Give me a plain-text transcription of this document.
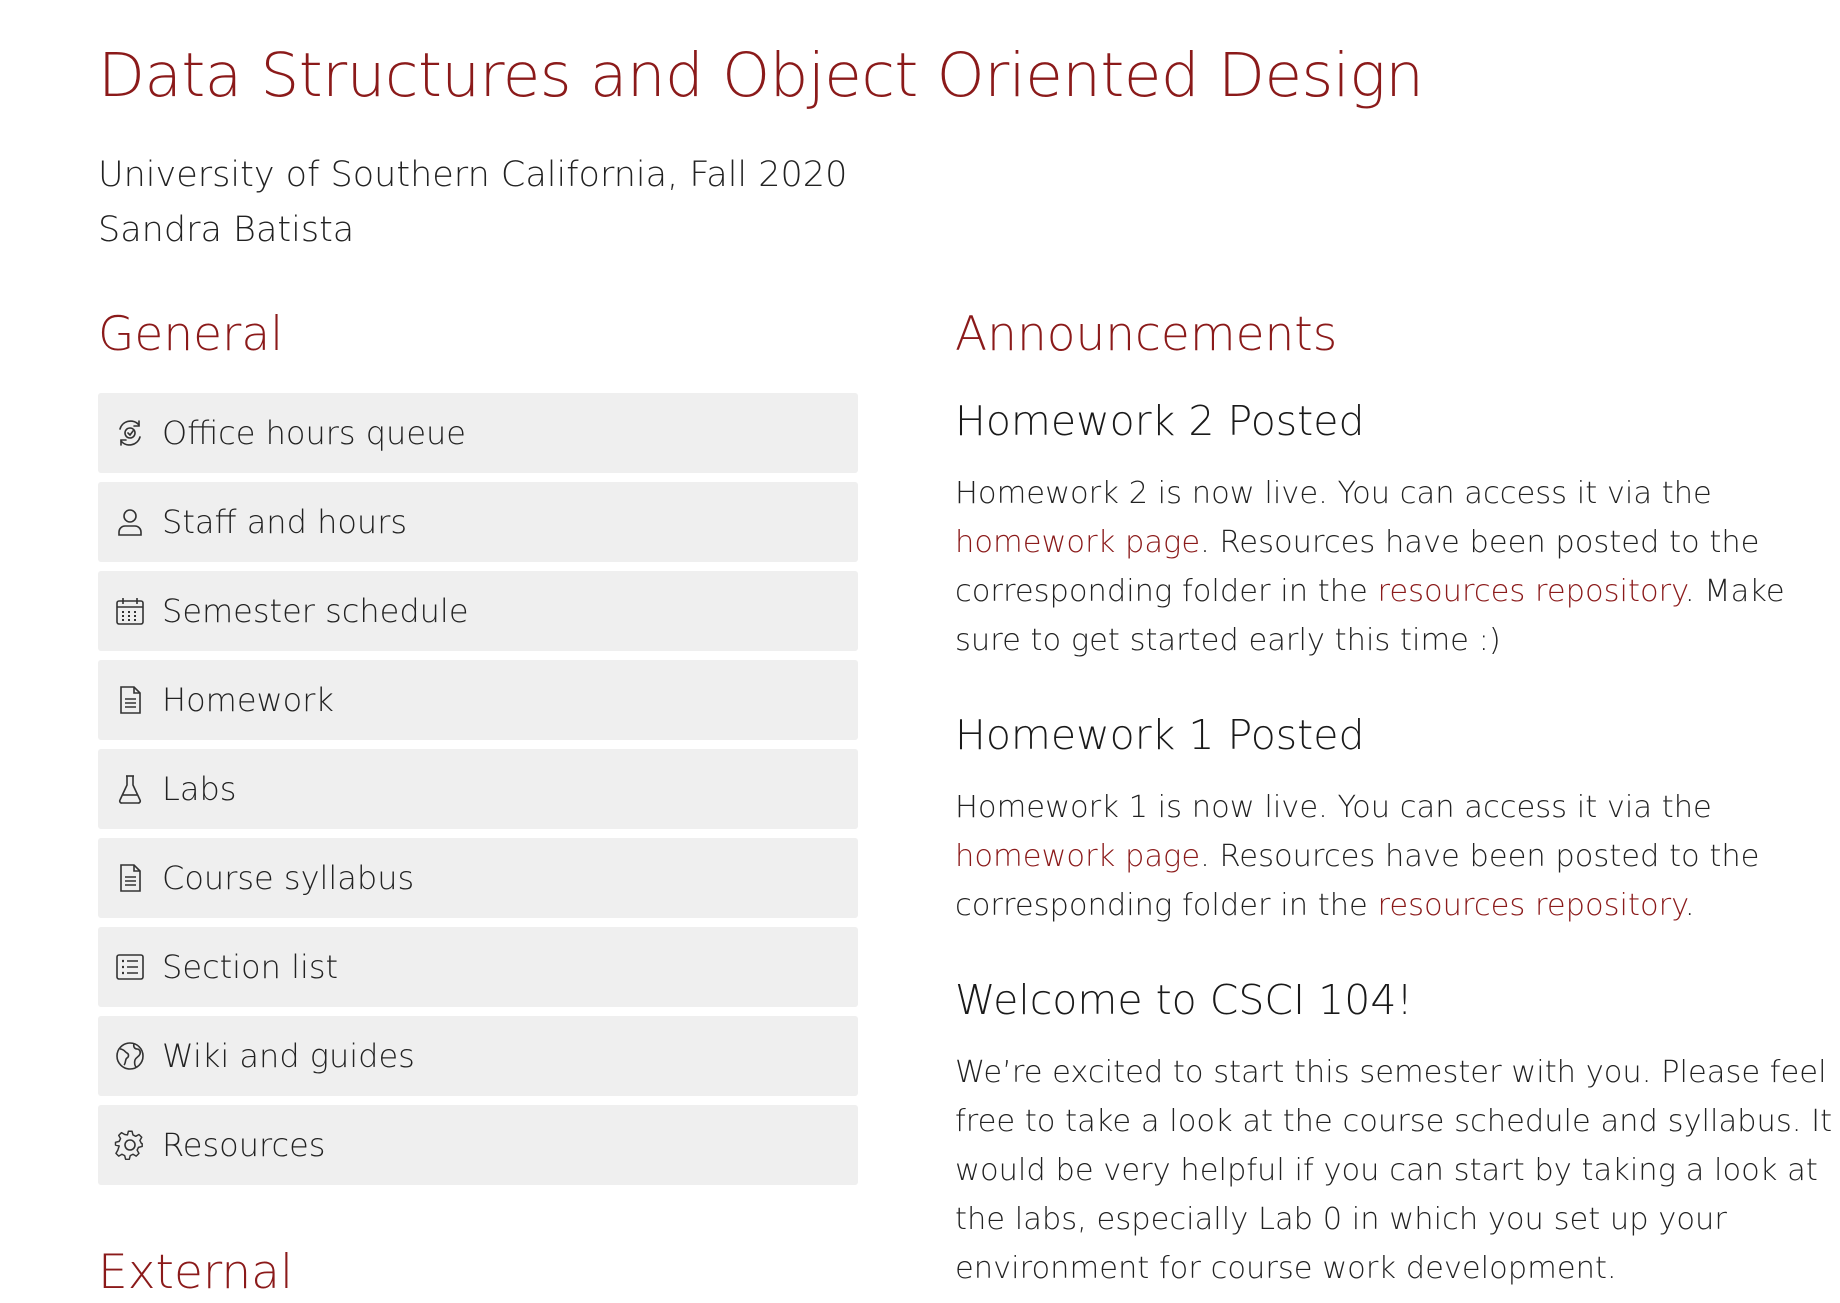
Data Structures and Object Oriented Design

University of Southern California, Fall 2020
Sandra Batista

General
Office hours queue
Staff and hours
Semester schedule
Homework
Labs
Course syllabus
Section list
Wiki and guides
Resources
External
Announcements
Homework 2 Posted

Homework 2 is now live. You can access it via the homework page. Resources have been posted to the corresponding folder in the resources repository. Make sure to get started early this time :)

Homework 1 Posted

Homework 1 is now live. You can access it via the homework page. Resources have been posted to the corresponding folder in the resources repository.

Welcome to CSCI 104!

We’re excited to start this semester with you. Please feel free to take a look at the course schedule and syllabus. It would be very helpful if you can start by taking a look at the labs, especially Lab 0 in which you set up your environment for course work development.
